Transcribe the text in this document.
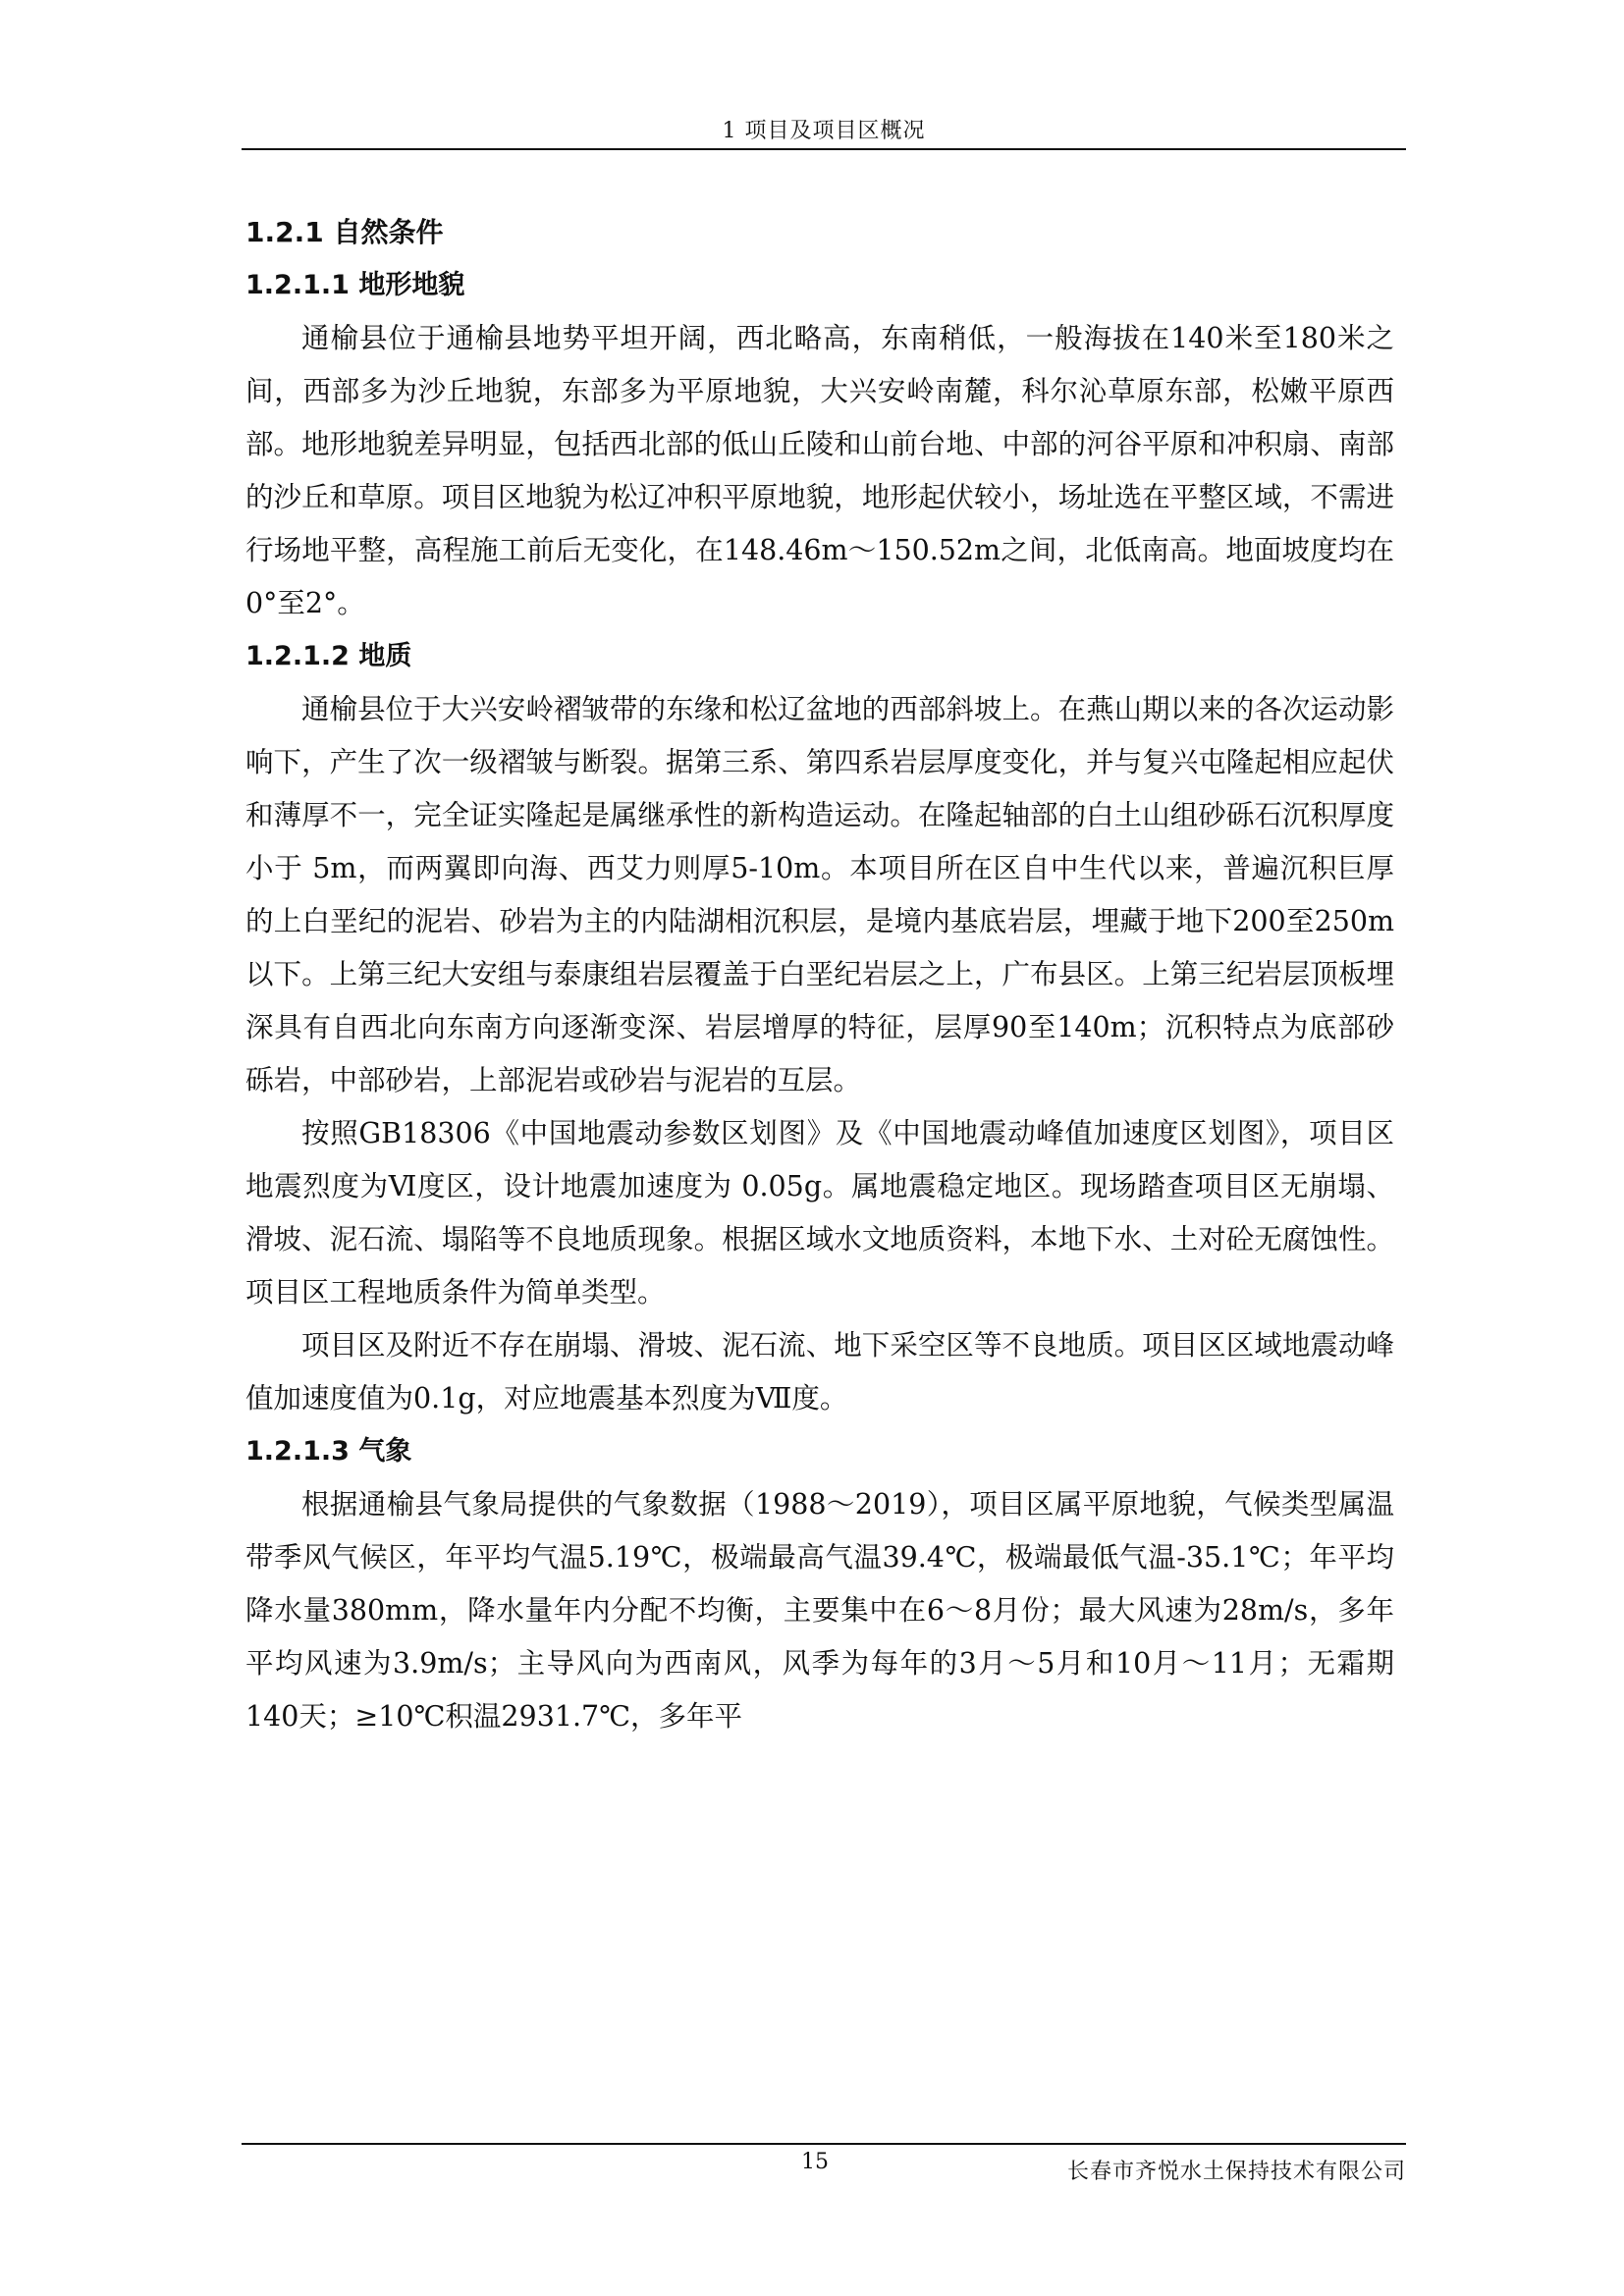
1 项目及项目区概况

1.2.1 自然条件

1.2.1.1 地形地貌

通榆县位于通榆县地势平坦开阔，西北略高，东南稍低，一般海拔在140米至180米之间，西部多为沙丘地貌，东部多为平原地貌，大兴安岭南麓，科尔沁草原东部，松嫩平原西部。地形地貌差异明显，包括西北部的低山丘陵和山前台地、中部的河谷平原和冲积扇、南部的沙丘和草原。项目区地貌为松辽冲积平原地貌，地形起伏较小，场址选在平整区域，不需进行场地平整，高程施工前后无变化，在148.46m～150.52m之间，北低南高。地面坡度均在0°至2°。

1.2.1.2 地质

通榆县位于大兴安岭褶皱带的东缘和松辽盆地的西部斜坡上。在燕山期以来的各次运动影响下，产生了次一级褶皱与断裂。据第三系、第四系岩层厚度变化，并与复兴屯隆起相应起伏和薄厚不一，完全证实隆起是属继承性的新构造运动。在隆起轴部的白土山组砂砾石沉积厚度小于 5m，而两翼即向海、西艾力则厚5-10m。本项目所在区自中生代以来，普遍沉积巨厚的上白垩纪的泥岩、砂岩为主的内陆湖相沉积层，是境内基底岩层，埋藏于地下200至250m以下。上第三纪大安组与泰康组岩层覆盖于白垩纪岩层之上，广布县区。上第三纪岩层顶板埋深具有自西北向东南方向逐渐变深、岩层增厚的特征，层厚90至140m；沉积特点为底部砂砾岩，中部砂岩，上部泥岩或砂岩与泥岩的互层。

按照GB18306《中国地震动参数区划图》及《中国地震动峰值加速度区划图》，项目区地震烈度为Ⅵ度区，设计地震加速度为 0.05g。属地震稳定地区。现场踏查项目区无崩塌、滑坡、泥石流、塌陷等不良地质现象。根据区域水文地质资料，本地下水、土对砼无腐蚀性。项目区工程地质条件为简单类型。

项目区及附近不存在崩塌、滑坡、泥石流、地下采空区等不良地质。项目区区域地震动峰值加速度值为0.1g，对应地震基本烈度为Ⅶ度。

1.2.1.3 气象

根据通榆县气象局提供的气象数据（1988～2019），项目区属平原地貌，气候类型属温带季风气候区，年平均气温5.19℃，极端最高气温39.4℃，极端最低气温-35.1℃；年平均降水量380mm，降水量年内分配不均衡，主要集中在6～8月份；最大风速为28m/s，多年平均风速为3.9m/s；主导风向为西南风，风季为每年的3月～5月和10月～11月；无霜期140天；≥10℃积温2931.7℃，多年平

15	长春市齐悦水土保持技术有限公司
